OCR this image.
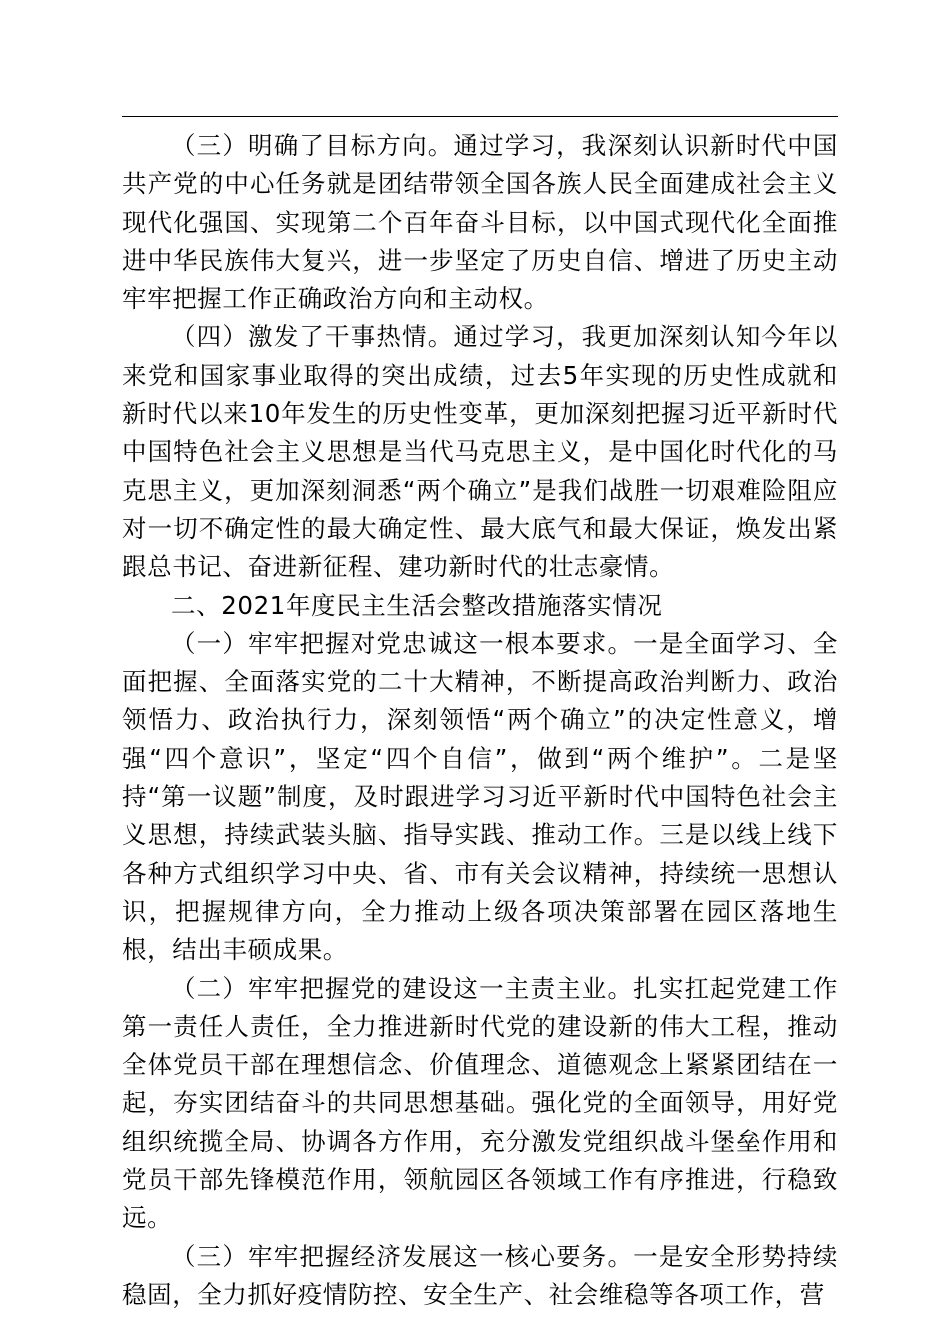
（三）明确了目标方向。通过学习，我深刻认识新时代中国共产党的中心任务就是团结带领全国各族人民全面建成社会主义现代化强国、实现第二个百年奋斗目标，以中国式现代化全面推进中华民族伟大复兴，进一步坚定了历史自信、增进了历史主动牢牢把握工作正确政治方向和主动权。

（四）激发了干事热情。通过学习，我更加深刻认知今年以来党和国家事业取得的突出成绩，过去5年实现的历史性成就和新时代以来10年发生的历史性变革，更加深刻把握习近平新时代中国特色社会主义思想是当代马克思主义，是中国化时代化的马克思主义，更加深刻洞悉“两个确立”是我们战胜一切艰难险阻应对一切不确定性的最大确定性、最大底气和最大保证，焕发出紧跟总书记、奋进新征程、建功新时代的壮志豪情。

二、2021年度民主生活会整改措施落实情况

（一）牢牢把握对党忠诚这一根本要求。一是全面学习、全面把握、全面落实党的二十大精神，不断提高政治判断力、政治领悟力、政治执行力，深刻领悟“两个确立”的决定性意义，增强“四个意识”，坚定“四个自信”，做到“两个维护”。二是坚持“第一议题”制度，及时跟进学习习近平新时代中国特色社会主义思想，持续武装头脑、指导实践、推动工作。三是以线上线下各种方式组织学习中央、省、市有关会议精神，持续统一思想认识，把握规律方向，全力推动上级各项决策部署在园区落地生根，结出丰硕成果。

（二）牢牢把握党的建设这一主责主业。扎实扛起党建工作第一责任人责任，全力推进新时代党的建设新的伟大工程，推动全体党员干部在理想信念、价值理念、道德观念上紧紧团结在一起，夯实团结奋斗的共同思想基础。强化党的全面领导，用好党组织统揽全局、协调各方作用，充分激发党组织战斗堡垒作用和党员干部先锋模范作用，领航园区各领域工作有序推进，行稳致远。

（三）牢牢把握经济发展这一核心要务。一是安全形势持续稳固，全力抓好疫情防控、安全生产、社会维稳等各项工作，营
